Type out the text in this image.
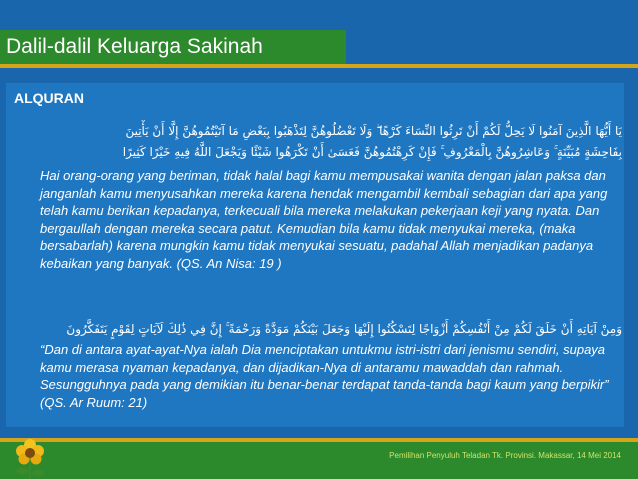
Dalil-dalil Keluarga Sakinah
ALQURAN
يَا أَيُّهَا الَّذِينَ آمَنُوا لَا يَحِلُّ لَكُمْ أَنْ تَرِثُوا النِّسَاءَ كَرْهًا ۖ وَلَا تَعْضُلُوهُنَّ لِتَذْهَبُوا بِبَعْضِ مَا آتَيْتُمُوهُنَّ إِلَّا أَنْ يَأْتِينَ
بِفَاحِشَةٍ مُبَيِّنَةٍ ۚ وَعَاشِرُوهُنَّ بِالْمَعْرُوفِ ۚ فَإِنْ كَرِهْتُمُوهُنَّ فَعَسَىٰ أَنْ تَكْرَهُوا شَيْئًا وَيَجْعَلَ اللَّهُ فِيهِ خَيْرًا كَثِيرًا
Hai orang-orang yang beriman, tidak halal bagi kamu mempusakai wanita dengan jalan paksa dan janganlah kamu menyusahkan mereka karena hendak mengambil kembali sebagian dari apa yang telah kamu berikan kepadanya, terkecuali bila mereka melakukan pekerjaan keji yang nyata. Dan bergaullah dengan mereka secara patut. Kemudian bila kamu tidak menyukai mereka, (maka bersabarlah) karena mungkin kamu tidak menyukai sesuatu, padahal Allah menjadikan padanya kebaikan yang banyak. (QS. An Nisa: 19 )
وَمِنْ آيَاتِهِ أَنْ خَلَقَ لَكُمْ مِنْ أَنْفُسِكُمْ أَزْوَاجًا لِتَسْكُنُوا إِلَيْهَا وَجَعَلَ بَيْنَكُمْ مَوَدَّةً وَرَحْمَةً ۚ إِنَّ فِي ذَٰلِكَ لَآيَاتٍ لِقَوْمٍ يَتَفَكَّرُونَ
“Dan di antara ayat-ayat-Nya ialah Dia menciptakan untukmu istri-istri dari jenismu sendiri, supaya kamu merasa nyaman kepadanya, dan dijadikan-Nya di antaramu mawaddah dan rahmah. Sesungguhnya pada yang demikian itu benar-benar terdapat tanda-tanda bagi kaum yang berpikir” (QS. Ar Ruum: 21)
Pemilihan Penyuluh Teladan Tk. Provinsi. Makassar, 14 Mei 2014
